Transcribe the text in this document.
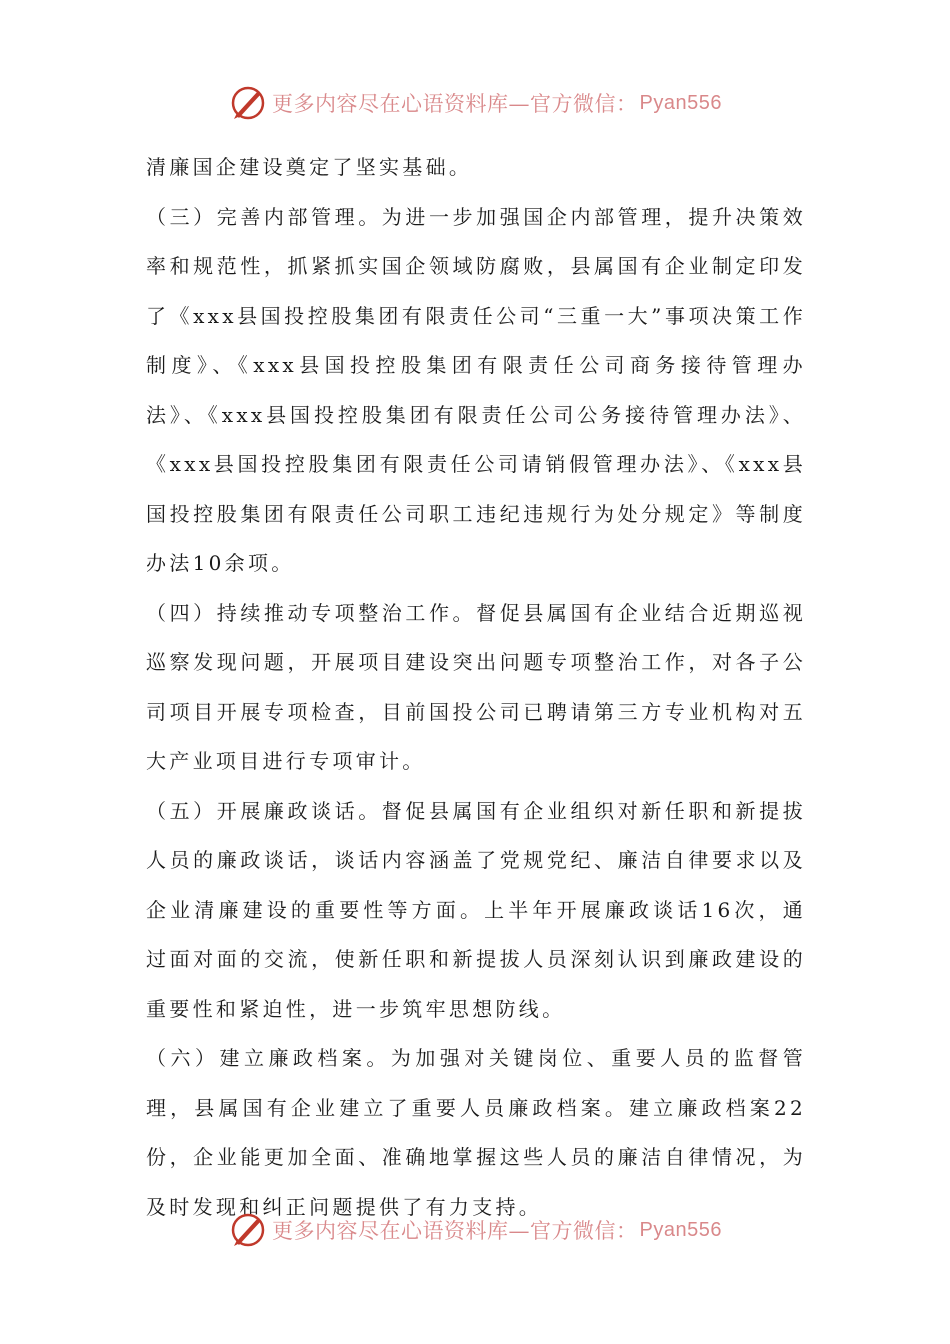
更多内容尽在心语资料库—官方微信： Pyan556

清廉国企建设奠定了坚实基础。

（三）完善内部管理。为进一步加强国企内部管理，提升决策效率和规范性，抓紧抓实国企领域防腐败，县属国有企业制定印发了《xxx县国投控股集团有限责任公司“三重一大”事项决策工作制度》、《xxx县国投控股集团有限责任公司商务接待管理办法》、《xxx县国投控股集团有限责任公司公务接待管理办法》、《xxx县国投控股集团有限责任公司请销假管理办法》、《xxx县国投控股集团有限责任公司职工违纪违规行为处分规定》等制度办法10余项。

（四）持续推动专项整治工作。督促县属国有企业结合近期巡视巡察发现问题，开展项目建设突出问题专项整治工作，对各子公司项目开展专项检查，目前国投公司已聘请第三方专业机构对五大产业项目进行专项审计。

（五）开展廉政谈话。督促县属国有企业组织对新任职和新提拔人员的廉政谈话，谈话内容涵盖了党规党纪、廉洁自律要求以及企业清廉建设的重要性等方面。上半年开展廉政谈话16次，通过面对面的交流，使新任职和新提拔人员深刻认识到廉政建设的重要性和紧迫性，进一步筑牢思想防线。

（六）建立廉政档案。为加强对关键岗位、重要人员的监督管理，县属国有企业建立了重要人员廉政档案。建立廉政档案22份，企业能更加全面、准确地掌握这些人员的廉洁自律情况，为及时发现和纠正问题提供了有力支持。

更多内容尽在心语资料库—官方微信： Pyan556
